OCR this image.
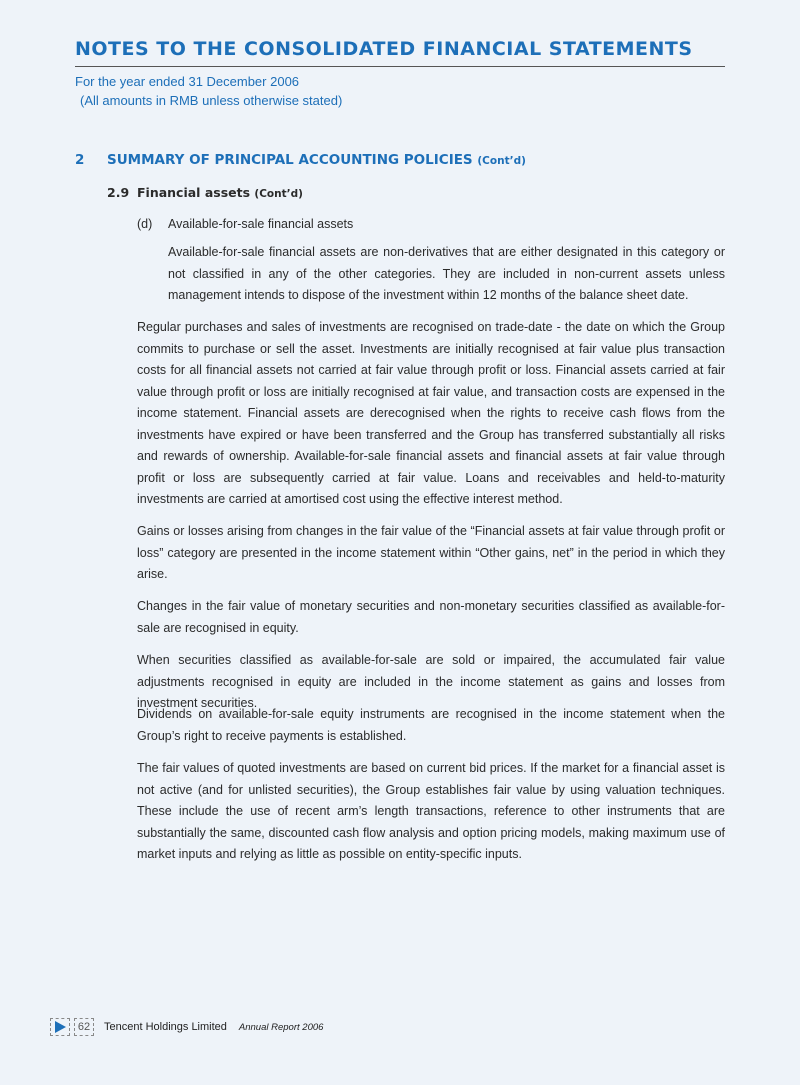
NOTES TO THE CONSOLIDATED FINANCIAL STATEMENTS
For the year ended 31 December 2006
(All amounts in RMB unless otherwise stated)
2 SUMMARY OF PRINCIPAL ACCOUNTING POLICIES (Cont’d)
2.9 Financial assets (Cont’d)
(d) Available-for-sale financial assets

Available-for-sale financial assets are non-derivatives that are either designated in this category or not classified in any of the other categories. They are included in non-current assets unless management intends to dispose of the investment within 12 months of the balance sheet date.

Regular purchases and sales of investments are recognised on trade-date - the date on which the Group commits to purchase or sell the asset. Investments are initially recognised at fair value plus transaction costs for all financial assets not carried at fair value through profit or loss. Financial assets carried at fair value through profit or loss are initially recognised at fair value, and transaction costs are expensed in the income statement. Financial assets are derecognised when the rights to receive cash flows from the investments have expired or have been transferred and the Group has transferred substantially all risks and rewards of ownership. Available-for-sale financial assets and financial assets at fair value through profit or loss are subsequently carried at fair value. Loans and receivables and held-to-maturity investments are carried at amortised cost using the effective interest method.

Gains or losses arising from changes in the fair value of the “Financial assets at fair value through profit or loss” category are presented in the income statement within “Other gains, net” in the period in which they arise.

Changes in the fair value of monetary securities and non-monetary securities classified as available-for-sale are recognised in equity.

When securities classified as available-for-sale are sold or impaired, the accumulated fair value adjustments recognised in equity are included in the income statement as gains and losses from investment securities.

Dividends on available-for-sale equity instruments are recognised in the income statement when the Group’s right to receive payments is established.

The fair values of quoted investments are based on current bid prices. If the market for a financial asset is not active (and for unlisted securities), the Group establishes fair value by using valuation techniques. These include the use of recent arm’s length transactions, reference to other instruments that are substantially the same, discounted cash flow analysis and option pricing models, making maximum use of market inputs and relying as little as possible on entity-specific inputs.

62	Tencent Holdings Limited Annual Report 2006
